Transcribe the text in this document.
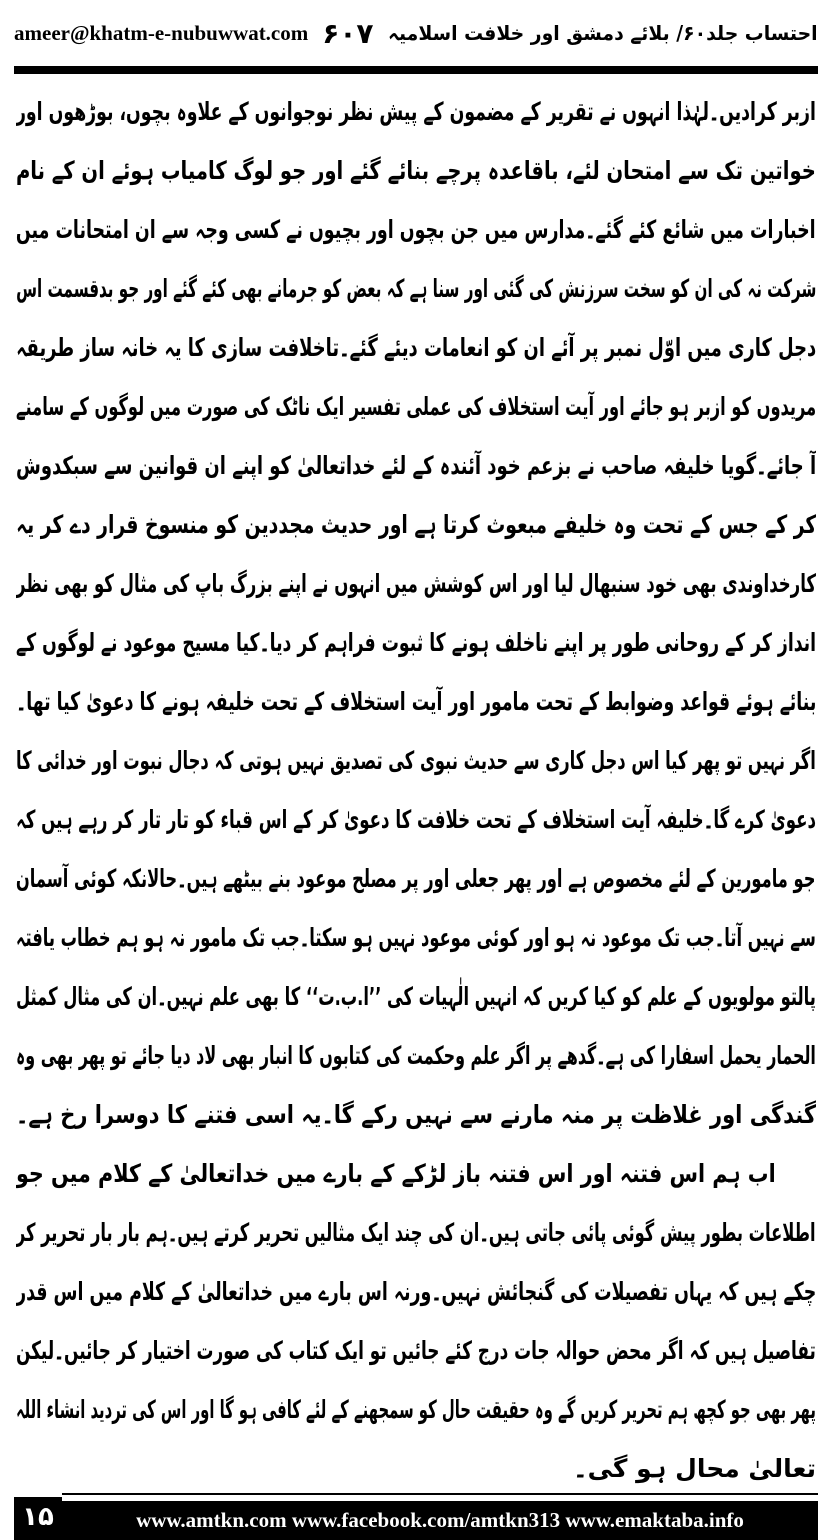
ameer@khatm-e-nubuwwat.com ۶۰۷ احتساب جلد۶۰/ بلائے دمشق اور خلافت اسلامیہ
ازبر کرادیں۔لہٰذا انہوں نے تقریر کے مضمون کے پیش نظر نوجوانوں کے علاوہ بچوں، بوڑھوں اور
خواتین تک سے امتحان لئے، باقاعدہ پرچے بنائے گئے اور جو لوگ کامیاب ہوئے ان کے نام
اخبارات میں شائع کئے گئے۔مدارس میں جن بچوں اور بچیوں نے کسی وجہ سے ان امتحانات میں
شرکت نہ کی ان کو سخت سرزنش کی گئی اور سنا ہے کہ بعض کو جرمانے بھی کئے گئے اور جو بدقسمت اس
دجل کاری میں اوّل نمبر پر آئے ان کو انعامات دیئے گئے۔تاخلافت سازی کا یہ خانہ ساز طریقہ
مریدوں کو ازبر ہو جائے اور آیت استخلاف کی عملی تفسیر ایک ناٹک کی صورت میں لوگوں کے سامنے
آ جائے۔گویا خلیفہ صاحب نے بزعم خود آئندہ کے لئے خداتعالیٰ کو اپنے ان قوانین سے سبکدوش
کر کے جس کے تحت وہ خلیفے مبعوث کرتا ہے اور حدیث مجددین کو منسوخ قرار دے کر یہ
کارخداوندی بھی خود سنبھال لیا اور اس کوشش میں انہوں نے اپنے بزرگ باپ کی مثال کو بھی نظر
انداز کر کے روحانی طور پر اپنے ناخلف ہونے کا ثبوت فراہم کر دیا۔کیا مسیح موعود نے لوگوں کے
بنائے ہوئے قواعد وضوابط کے تحت مامور اور آیت استخلاف کے تحت خلیفہ ہونے کا دعویٰ کیا تھا۔
اگر نہیں تو پھر کیا اس دجل کاری سے حدیث نبوی کی تصدیق نہیں ہوتی کہ دجال نبوت اور خدائی کا
دعویٰ کرے گا۔خلیفہ آیت استخلاف کے تحت خلافت کا دعویٰ کر کے اس قباء کو تار تار کر رہے ہیں کہ
جو مامورین کے لئے مخصوص ہے اور پھر جعلی اور پر مصلح موعود بنے بیٹھے ہیں۔حالانکہ کوئی آسمان
سے نہیں آتا۔جب تک موعود نہ ہو اور کوئی موعود نہیں ہو سکتا۔جب تک مامور نہ ہو ہم خطاب یافتہ
پالتو مولویوں کے علم کو کیا کریں کہ انہیں الٰہیات کی ’’ا.ب.ت‘‘ کا بھی علم نہیں۔ان کی مثال کمثل
الحمار یحمل اسفارا کی ہے۔گدھے پر اگر علم وحکمت کی کتابوں کا انبار بھی لاد دیا جائے تو پھر بھی وہ
گندگی اور غلاظت پر منہ مارنے سے نہیں رکے گا۔یہ اسی فتنے کا دوسرا رخ ہے۔
اب ہم اس فتنہ اور اس فتنہ باز لڑکے کے بارے میں خداتعالیٰ کے کلام میں جو
اطلاعات بطور پیش گوئی پائی جاتی ہیں۔ان کی چند ایک مثالیں تحریر کرتے ہیں۔ہم بار بار تحریر کر
چکے ہیں کہ یہاں تفصیلات کی گنجائش نہیں۔ورنہ اس بارے میں خداتعالیٰ کے کلام میں اس قدر
تفاصیل ہیں کہ اگر محض حوالہ جات درج کئے جائیں تو ایک کتاب کی صورت اختیار کر جائیں۔لیکن
پھر بھی جو کچھ ہم تحریر کریں گے وہ حقیقت حال کو سمجھنے کے لئے کافی ہو گا اور اس کی تردید انشاء اللہ
تعالیٰ محال ہو گی۔
۱۵	www.amtkn.com www.facebook.com/amtkn313 www.emaktaba.info
